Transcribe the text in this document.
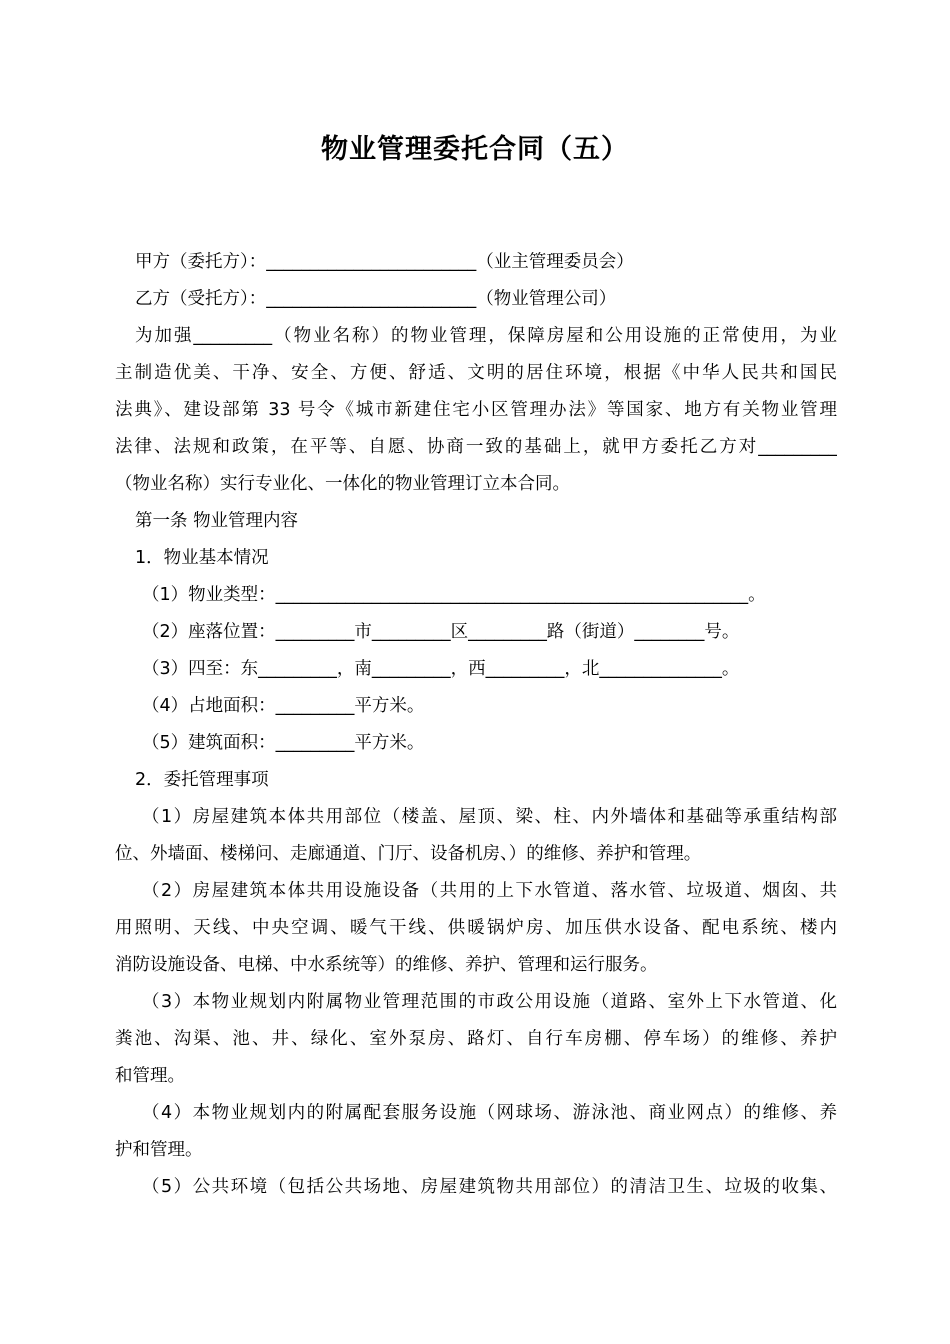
物业管理委托合同（五）
甲方（委托方）：________________________（业主管理委员会）
乙方（受托方）：________________________（物业管理公司）
为加强_________（物业名称）的物业管理，保障房屋和公用设施的正常使用，为业
主制造优美、干净、安全、方便、舒适、文明的居住环境，根据《中华人民共和国民
法典》、建设部第 33 号令《城市新建住宅小区管理办法》等国家、地方有关物业管理
法律、法规和政策，在平等、自愿、协商一致的基础上，就甲方委托乙方对_________
（物业名称）实行专业化、一体化的物业管理订立本合同。
第一条 物业管理内容
1．物业基本情况
（1）物业类型：______________________________________________________。
（2）座落位置：_________市_________区_________路（街道）________号。
（3）四至：东_________，南_________，西_________，北______________。
（4）占地面积：_________平方米。
（5）建筑面积：_________平方米。
2．委托管理事项
（1）房屋建筑本体共用部位（楼盖、屋顶、梁、柱、内外墙体和基础等承重结构部
位、外墙面、楼梯问、走廊通道、门厅、设备机房、）的维修、养护和管理。
（2）房屋建筑本体共用设施设备（共用的上下水管道、落水管、垃圾道、烟囱、共
用照明、天线、中央空调、暖气干线、供暖锅炉房、加压供水设备、配电系统、楼内
消防设施设备、电梯、中水系统等）的维修、养护、管理和运行服务。
（3）本物业规划内附属物业管理范围的市政公用设施（道路、室外上下水管道、化
粪池、沟渠、池、井、绿化、室外泵房、路灯、自行车房棚、停车场）的维修、养护
和管理。
（4）本物业规划内的附属配套服务设施（网球场、游泳池、商业网点）的维修、养
护和管理。
（5）公共环境（包括公共场地、房屋建筑物共用部位）的清洁卫生、垃圾的收集、
